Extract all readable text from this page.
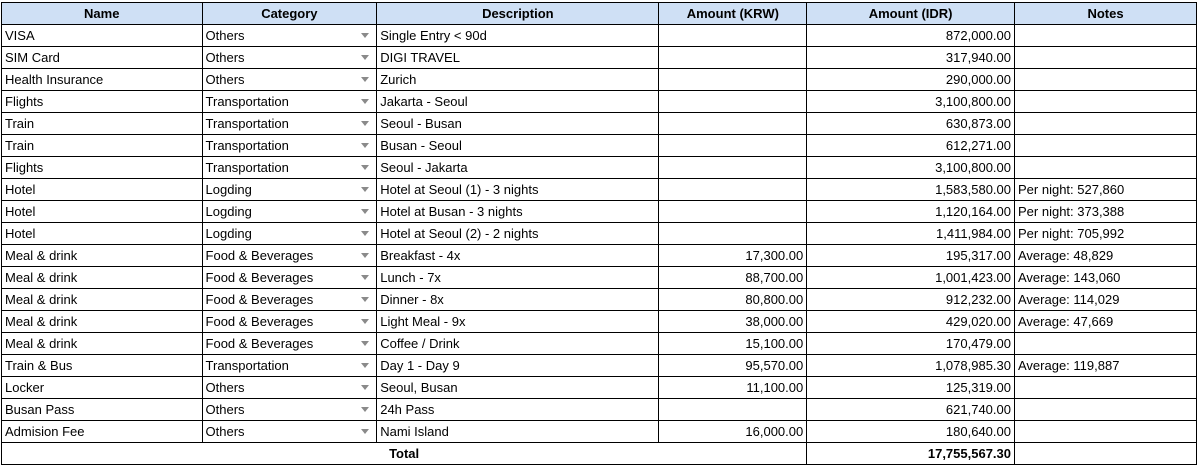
Name	Category	Description	Amount (KRW)	Amount (IDR)	Notes
VISA	Others	Single Entry < 90d		872,000.00	
SIM Card	Others	DIGI TRAVEL		317,940.00	
Health Insurance	Others	Zurich		290,000.00	
Flights	Transportation	Jakarta - Seoul		3,100,800.00	
Train	Transportation	Seoul - Busan		630,873.00	
Train	Transportation	Busan - Seoul		612,271.00	
Flights	Transportation	Seoul - Jakarta		3,100,800.00	
Hotel	Logding	Hotel at Seoul (1) - 3 nights		1,583,580.00	Per night: 527,860
Hotel	Logding	Hotel at Busan - 3 nights		1,120,164.00	Per night: 373,388
Hotel	Logding	Hotel at Seoul (2) - 2 nights		1,411,984.00	Per night: 705,992
Meal & drink	Food & Beverages	Breakfast - 4x	17,300.00	195,317.00	Average: 48,829
Meal & drink	Food & Beverages	Lunch - 7x	88,700.00	1,001,423.00	Average: 143,060
Meal & drink	Food & Beverages	Dinner - 8x	80,800.00	912,232.00	Average: 114,029
Meal & drink	Food & Beverages	Light Meal - 9x	38,000.00	429,020.00	Average: 47,669
Meal & drink	Food & Beverages	Coffee / Drink	15,100.00	170,479.00	
Train & Bus	Transportation	Day 1 - Day 9	95,570.00	1,078,985.30	Average: 119,887
Locker	Others	Seoul, Busan	11,100.00	125,319.00	
Busan Pass	Others	24h Pass		621,740.00	
Admision Fee	Others	Nami Island	16,000.00	180,640.00	
Total				17,755,567.30	
